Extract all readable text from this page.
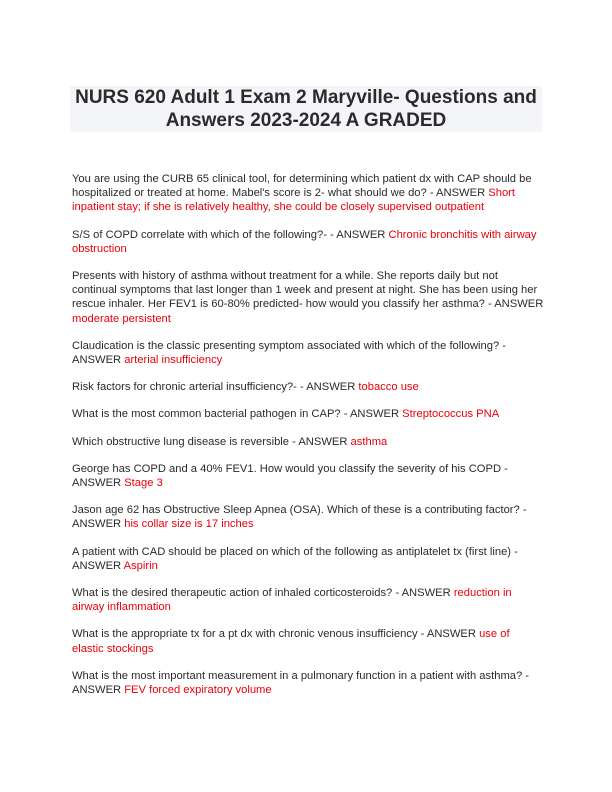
NURS 620 Adult 1 Exam 2 Maryville- Questions and Answers 2023-2024 A GRADED

You are using the CURB 65 clinical tool, for determining which patient dx with CAP should be hospitalized or treated at home. Mabel's score is 2- what should we do? - ANSWER Short inpatient stay; if she is relatively healthy, she could be closely supervised outpatient

S/S of COPD correlate with which of the following?- - ANSWER Chronic bronchitis with airway obstruction

Presents with history of asthma without treatment for a while. She reports daily but not continual symptoms that last longer than 1 week and present at night. She has been using her rescue inhaler. Her FEV1 is 60-80% predicted- how would you classify her asthma? - ANSWER moderate persistent

Claudication is the classic presenting symptom associated with which of the following? - ANSWER arterial insufficiency

Risk factors for chronic arterial insufficiency?- - ANSWER tobacco use

What is the most common bacterial pathogen in CAP? - ANSWER Streptococcus PNA

Which obstructive lung disease is reversible - ANSWER asthma

George has COPD and a 40% FEV1. How would you classify the severity of his COPD - ANSWER Stage 3

Jason age 62 has Obstructive Sleep Apnea (OSA). Which of these is a contributing factor? - ANSWER his collar size is 17 inches

A patient with CAD should be placed on which of the following as antiplatelet tx (first line) - ANSWER Aspirin

What is the desired therapeutic action of inhaled corticosteroids? - ANSWER reduction in airway inflammation

What is the appropriate tx for a pt dx with chronic venous insufficiency - ANSWER use of elastic stockings

What is the most important measurement in a pulmonary function in a patient with asthma? - ANSWER FEV forced expiratory volume
